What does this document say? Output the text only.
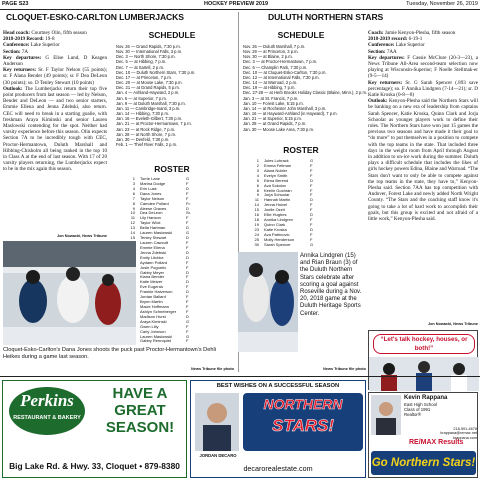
PAGE S23	HOCKEY PREVIEW 2019	Tuesday, November 26, 2019
CLOQUET-ESKO-CARLTON LUMBERJACKS

Head coach: Courtney Olin, fifth season

2018-2019 Record: 19-8

Conference: Lake Superior

Section: 7A

Key departures: G Elise Lund, D Keagen Anderson

Key returners: Sr. F Taylor Nelson (55 points); sr. F Alana Bender (49 points); sr. F Dea DeLeon (30 points); so. D Tenley Stewart (10 points)

Outlook: The Lumberjacks return their top five point producers from last season — led by Nelson, Bender and DeLeon — and two senior starters, Emmie Ellena and Jenna Zdebski, also return. CEC will need to break in a starting goalie, with freshman Araya Kiminski and senior Lauren Maslowski contending for the spot. Neither had varsity experience before this season. Olin expects Section 7A to be incredibly tough with CEC, Proctor-Hermantown, Duluth Marshall and Hibbing-Chisholm all being ranked in the top 10 in Class A at the end of last season. With 17 of 20 varsity players returning, the Lumberjacks expect to be in the mix again this season.

Jon Nowacki, News Tribune
SCHEDULE
Nov. 26 — Grand Rapids, 7:30 p.m.
Nov. 30 — International Falls, 3 p.m.
Dec. 3 — North Shore, 7:30 p.m.
Dec. 5 — at Hibbing, 7 p.m.
Dec. 7 — at Sartell, 2 p.m.
Dec. 10 — Duluth Northern Stars, 7:30 p.m.
Dec. 17 — at Princeton, 7 p.m.
Dec. 20 — at Moose Lake, 7:30 p.m.
Dec. 21 — at Grand Rapids, 5 p.m.
Jan. 4 — Ashland-Hayward, 2 p.m.
Jan. 6 — at Superior, 7 p.m.
Jan. 9 — at Duluth Marshall, 7:30 p.m.
Jan. 11 — Cambridge-Isanti, 3 p.m.
Jan. 14 — Hibbing, 7:30 p.m.
Jan. 16 — Eveleth-Gilbert, 7:30 p.m.
Jan. 21 — at Proctor-Hermantown, 7 p.m.
Jan. 23 — at Rock Ridge, 7 p.m.
Jan. 28 — at North Shore, 7 p.m.
Jan. 30 — Denfeld, 7:30 p.m.
Feb. 1 — Thief River Falls, 2 p.m.
ROSTER
1 Torrie Lane	G
3 Marina Dodge	F
4 Erin Lusk	D
6 Dana Jones	F
7 Taylor Nelson	F
8 Camden Pollard	Fr.
9 Aleese Graves	D
10 Dea DeLeon	Sr.
11 Lily Hanson	F
12 Taylor Wick	F
13 Bella Hartman	D
14 Lauren Maslowski	G
15 Tenley Stewart	D
Lauren Cawcutt	F
Emmie Ellena	F
Jenna Zdebski	D
Emily Litchke	D
Aydann Pollard	F
Josie Pogorelc	F
Gabby Meyer	D
Kiana Bender	F
Katie Metzer	D
Eve Eugenia	F
Frankie Halverson	D
Jordan Ballard	F
Brynn Martin	F
Macie Hoffmann	F
Ashlyn Schneberger	F
Madison Hurst	D
Araya Kiminski	G
Gwen Lilly	F
Carly Johnson	F
Lauren Maslowski	G
Gabby Rennquist	F
Cloquet-Esko-Carlton's Dana Jones shoots the puck past Proctor-Hermantown's Dehli Heikes during a game last season.
News Tribune file photo
DULUTH NORTHERN STARS
SCHEDULE
Nov. 26 — Duluth Marshall, 7 p.m.
Nov. 29 — at Princeton, 3 p.m.
Nov. 30 — at Blaine, 2 p.m.
Dec. 3 — at Proctor-Hermantown, 7 p.m.
Dec. 6 — Champlin Park, 7:30 p.m.
Dec. 10 — at Cloquet-Esko-Carlton, 7:30 p.m.
Dec. 12 — at International Falls, 7:30 p.m.
Dec. 14 — at Warroad, 2 p.m.
Dec. 19 — at Hibbing, 7 p.m.
Dec. 27-28 — at Herb Brooks Holiday Classic (Blaine, Minn.), 2 p.m.
Jan. 3 — at St. Francis, 7 p.m.
Jan. 10 — Forest Lake, 5:15 p.m.
Jan. 14 — at Rochester John Marshall, 3 p.m.
Jan. 16 — at Hayward-Ashland (in Hayward), 7 p.m.
Jan. 21 — at Superior, 5:15 p.m.
Jan. 28 — at Grand Rapids, 7 p.m.
Jan. 30 — Moose Lake Area, 7:30 p.m.
ROSTER
1 Jules Lohrack	G
2 Emma Feltman	F
3 Alana Nobler	F
4 Evelyn Smith	F
5 Elena Berend	D
6 Ava Sokolov	F
8 Keelin Gochran	F
9 Jorja Schoolar	F
11 Hannah Martin	D
14 Jenna Hoivel	F
15 Joelle Ozzit	F
16 Ellie Hughes	D
18 Annika Lindgren	F
19 Quinn Clark	F
23 Katie Kroska	D
24 Ava Patrinovic	F
25 Molly Henderson	F
30 Sarah Spencer	G
Annika Lindgren (15) and Rian Braun (3) of the Duluth Northern Stars celebrate after scoring a goal against Roseville during a Nov. 20, 2018 game at the Duluth Heritage Sports Center.
News Tribune file photo

Coach: Jamie Kenyon-Plesha, fifth season

2018-2019 record: 6-19-1

Conference: Lake Superior

Section: 7AA

Key departures: F Cassie McClure (20-3—23), a News Tribune All-Area second-team selection now playing at Wisconsin-Superior; F Noelle Stellmak-er (9-5—14)

Key returners: Sr. G Sarah Spencer (.893 save percentage); so. F Annika Lindgren (7-14—21); sr. D Katie Kroska (0-8—8)

Outlook: Kenyon-Plesha said the Northern Stars will be banking on a new era of leadership from captains Sarah Spencer, Katie Kroska, Quinn Clark and Jorja Schoolar as younger players work to define their roles. The Northern Stars have won just 15 games the previous two seasons and have made it their goal to “do more” to put themselves in a position to compete with the top teams in the state. That included three days in the weight room from April through August in addition to on-ice work during the summer. Duluth plays a difficult schedule that includes the likes of girls hockey powers Edina, Blaine and Warroad. “The Stars don't want to only be able to compete against the top teams in the state, they have to,” Kenyon-Plesha said. Section 7AA has top competition with Andover, Forest Lake and newly added North Wright County. “The Stars and the coaching staff know it's going to take a lot of hard work to accomplish their goals, but this group is excited and not afraid of a little work,” Kenyon-Plesha said.

Jon Nowacki, News Tribune
“Let's talk hockey, houses, or both!”
Perkins
RESTAURANT & BAKERY
HAVE A
GREAT
SEASON!
Big Lake Rd. & Hwy. 33, Cloquet • 879-8380
BEST WISHES ON A SUCCESSFUL SEASON
NORTHERN
STARS!
JORDAN DECARO
decarorealestate.com
Kevin Rappana
East High School
Class of 1991
Realtor®
218-591-4678
krappana@remax.net
krappana.com
RE/MAX Results
Go Northern Stars!
